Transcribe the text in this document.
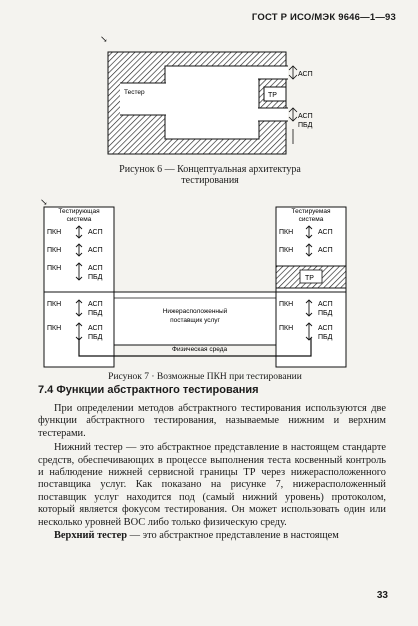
ГОСТ Р ИСО/МЭК 9646—1—93
↘
Тестер
АСП
ТР
АСП
ПБД
↘
Физическая среда
Тестирующая
система
Тестируемая
система
ПКН	АСП
ПКН	АСП
ПКН	АСП
ПБД
ПКН	АСП
ПБД
ПКН	АСП
ПБД
ПКН	АСП
ПКН	АСП
ТР
ПКН	АСП
ПБД
ПКН	АСП
ПБД
Нижерасположенный
поставщик услуг
Рисунок 6 — Концептуальная архитектура
тестирования
Рисунок 7 · Возможные ПКН при тестировании
7.4 Функции абстрактного тестирования

При определении методов абстрактного тестирования используются две функции абстрактного тестирования, называемые нижним и верхним тестерами.

Нижний тестер — это абстрактное представление в настоящем стандарте средств, обеспечивающих в процессе выполнения теста косвенный контроль и наблюдение нижней сервисной границы ТР через нижерасположенного поставщика услуг. Как показано на рисунке 7, нижерасположенный поставщик услуг находится под (самый нижний уровень) протоколом, который является фокусом тестирования. Он может использовать один или несколько уровней ВОС либо только физическую среду.

Верхний тестер — это абстрактное представление в настоящем

33
